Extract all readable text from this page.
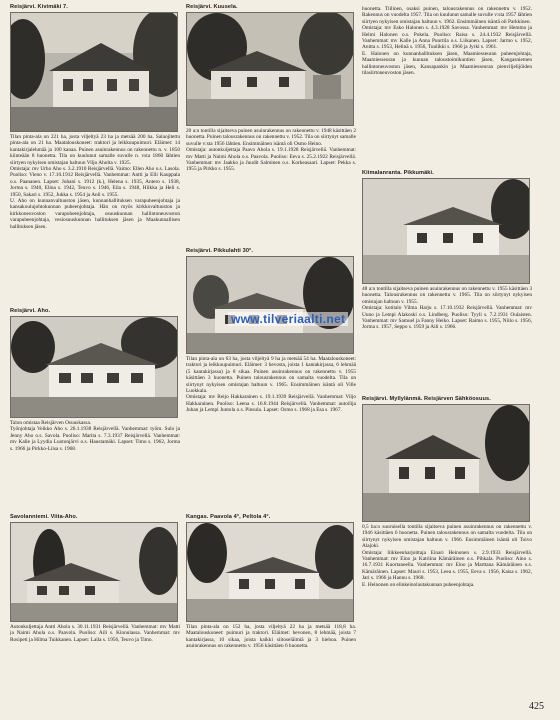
Reisjärvi. Kivimäki 7.
Tilan pinta-ala on 221 ha, josta viljeltyä 23 ha ja metsää 200 ha. Salaojitettu pinta-ala on 21 ha. Maatalouskoneet: traktori ja leikkuupuimuri. Eläimet: 14 kantakirjalehmää ja 100 kanaa. Puinen asuinrakennus on rakennettu n. v. 1850 kiinteään 8 huonetta. Tila on kuulunut samalle suvulle n. vsta 1860 lähtien siirtyen nykyisen omistajan haltuun Viljo Aholta v. 1925.
Omistaja: mv Urho Aho s. 3.2.1910 Reisjärvellä. Vaimo: Ellen Aho o.s. Lasola. Puoliso: Vieno v. 17.10.1912 Reisjärvellä. Vanhemmat: Antti ja Elli Kauppala o.s. Paananen. Lapset: Juhani s. 1912 (k.), Helena s. 1935, Antero s. 1938, Jorma s. 1940, Elina s. 1942, Teuvo s. 1946, Eila s. 1948, Hilkka ja Heli s. 1950, Sakari s. 1952, Jukka s. 1954 ja Anli s. 1955.
U. Aho on kunnanvaltuuston jäsen, kunnanhallituksen varapuheenjohtaja ja kansakoulujohtokunnan puheenjohtaja. Hän on myös kirkkovaltuuston ja kirkkoneuvoston varapuheenjohtaja, osuuskunnan hallintoneuvoston varapuheenjohtaja, vesiosuuskunnan hallituksen jäsen ja Maakunnallisen hallituksen jäsen.
Reisjärvi. Aho.
Talon omistaa Reisjärven Osuuskassa.
Työnjohtaja Veikko Aho s. 26.1.1938 Reisjärvellä. Vanhemmat: työm. Sulo ja Jenny Aho o.s. Savola. Puoliso: Marita s. 7.3.1937 Reisjärvellä. Vanhemmat: mv Kalle ja Lyydia Luotonjärvi o.s. Haustamäki. Lapset: Timo s. 1962, Jorma s. 1966 ja Pirkko-Liisa s. 1968.
Savolanniemi. Viita-Aho.
Autonkuljettaja Antti Ahola s. 30.11.1931 Reisjärvellä. Vanhemmat: mv Matti ja Naimi Ahola o.s. Paavola. Puoliso: Aili s. Kinnulassa. Vanhemmat: mv Rosipeti ja Hilma Tuikkanen. Lapset: Laila s. 1956, Teuvo ja Timo.
Reisjärvi. Kuusela.
20 a:n tontilla sijaitseva puinen asuinrakennus on rakennettu v. 1948 käsittäen 2 huonetta. Puinen talousrakennus on rakennettu v. 1952. Tila on siirtynyt samalle suvulle v:sta 1956 lähtien. Ensimmäinen isäntä oli Osmo Heino.
Omistaja: autonkuljettaja Paavo Ahola s. 19.1.1928 Reisjärvellä. Vanhemmat: mv Matti ja Naimi Ahola o.s. Paavola. Puoliso: Eeva s. 25.2.1922 Reisjärvellä. Vanhemmat: mv Jaakko ja Juudit Salminen o.s. Korkeasaari. Lapset: Pekka s. 1955 ja Pirkko s. 1955.
Reisjärvi. Pikkulahti 30°.
Tilan pinta-ala on 63 ha, josta viljeltyä 9 ha ja metsää 54 ha. Maatalouskoneet: traktori ja leikkuupuimuri. Eläimet: 3 hevosta, joista 1 kantakirjassa, 6 lehmää (5 kantakirjassa) ja 8 sikaa. Puinen asuinrakennus on rakennettu v. 1955 käsittäen 3 huonetta. Puinen talousrakennus on samalta vuodelta. Tila on siirtynyt nykyisen omistajan haltuun v. 1965. Ensimmäinen isäntä oli Ville Luokkala.
Omistaja: mv Reijo Hakkarainen s. 19.1.1939 Reisjärvellä. Vanhemmat: Viljo Hakkarainen. Puoliso: Leena s. 16.8.1944 Reisjärvellä. Vanhemmat: autoilija Juhan ja Lempi Juntola o.s. Pinsula. Lapset: Osmo s. 1968 ja Esa s. 1967.
Kangas. Paavola 4°, Peltola 4°.
Tilan pinta-ala on 152 ha, josta viljeltyä 22 ha ja metsää 118,8 ha. Maatalouskoneet: puimuri ja traktori. Eläimet: hevonen, 8 lehmää, joista 7 kantakirjassa, 10 sikaa, joista kaikki siitoseläimiä ja 3 hiehoa. Puinen asuinrakennus on rakennettu v. 1956 käsittäen 6 huonetta.
huonetta. Tiilinen, osaksi puinen, talousrakennus on rakennettu v. 1952. Rakennus on vuodelta 1957. Tila on kuulunut samalle suvulle v:sta 1957 lähtien siirtyen nykyisen omistajan haltuun v. 1962. Ensimmäinen isäntä oli Parkkinen.
Omistaja: mv Esko Halonen s. 4.3.1928 Savossa. Vanhemmat: mv Hemmo ja Helmi Halonen o.s. Pokela. Puoliso: Raisa s. 24.4.1932 Reisjärvellä. Vanhemmat: mv Kalle ja Anna Puurtila o.s. Liikanen. Lapset: Jarmo s. 1952, Anitta s. 1953, Helinä s. 1956, Tuulikki s. 1960 ja Jyrki s. 1961.
E. Halonen on kunnanhallituksen jäsen, Maamiesseuran puheenjohtaja, Maamiesseuran ja kunnan taloustoimikuntien jäsen, Kangasniemen hallintoneuvoston jäsen, Kansapankin ja Maamiesseuran pienviljelijöiden tilasiirtoneuvoston jäsen.
Kiimalanranta. Pikkumäki.
48 a:n tontilla sijaitseva puinen asuinrakennus on rakennettu v. 1955 käsittäen 3 huonetta. Talousrakennus on rakennettu v. 1965. Tila on siirtynyt nykyisen omistajan haltuun v. 1955.
Omistaja: kotitalo Vilma Harju s. 17.10.1932 Reisjärvellä. Vanhemmat: mv Uuno ja Lempi Alakoski o.s. Lindberg. Puoliso: Tyyli s. 7.2.1931 Oulaisten. Vanhemmat: mv Samuel ja Fanny Heiko. Lapset: Raimo s. 1955, Niilo s. 1956, Jorma s. 1957, Seppo s. 1959 ja Aili s. 1966.
Reisjärvi. Myllylänmä. Reisjärven Sähköosuus.
0,5 ha:n suuruisella tontilla sijaitseva puinen asuinrakennus on rakennettu v. 1946 käsittäen 6 huonetta. Puinen talousrakennus on samalta vuodelta. Tila on siirtynyt nykyisen omistajan haltuun v. 1966. Ensimmäinen isäntä oli Toivo Alajoki.
Omistaja: liikkeenharjoittaja Einari Heinonen s. 2.9.1933 Reisjärvellä. Vanhemmat: mv Eino ja Katriina Kämäräinen o.s. Pihkala. Puoliso: Aino s. 16.7.1931 Kuortaneella. Vanhemmat: mv Eino ja Marttana Kämäräinen o.s. Kämäräinen. Lapset: Mauri s. 1953, Leea s. 1955, Eeva s. 1956, Kaisa s. 1962, Jari s. 1966 ja Hannu s. 1968.
E. Heinonen on elinkeinolautakunnan puheenjohtaja.
www.tilveriaalti.net
425
